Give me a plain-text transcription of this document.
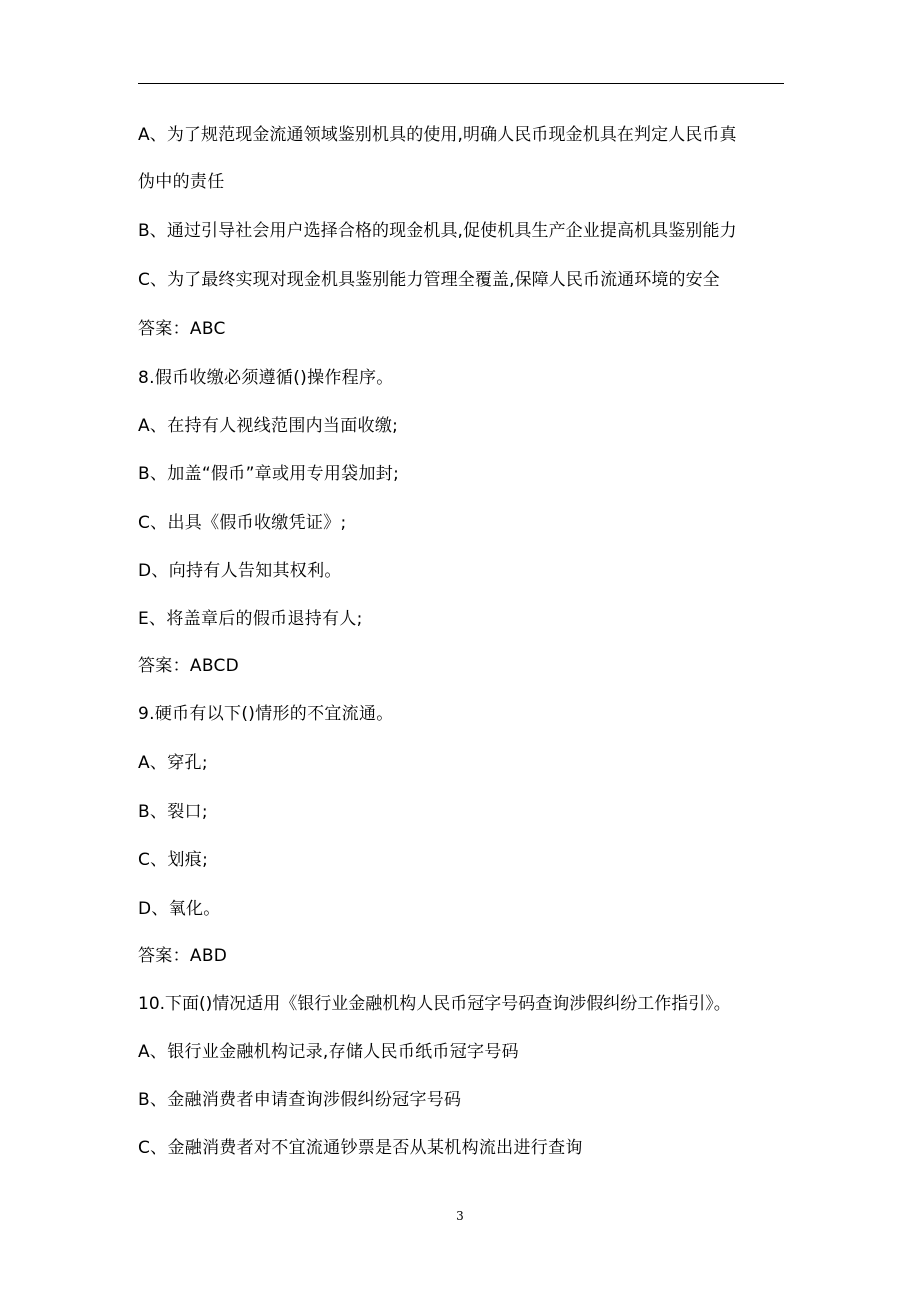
A、为了规范现金流通领域鉴别机具的使用,明确人民币现金机具在判定人民币真
伪中的责任
B、通过引导社会用户选择合格的现金机具,促使机具生产企业提高机具鉴别能力
C、为了最终实现对现金机具鉴别能力管理全覆盖,保障人民币流通环境的安全
答案：ABC
8.假币收缴必须遵循()操作程序。
A、在持有人视线范围内当面收缴;
B、加盖“假币”章或用专用袋加封;
C、出具《假币收缴凭证》;
D、向持有人告知其权利。
E、将盖章后的假币退持有人;
答案：ABCD
9.硬币有以下()情形的不宜流通。
A、穿孔;
B、裂口;
C、划痕;
D、氧化。
答案：ABD
10.下面()情况适用《银行业金融机构人民币冠字号码查询涉假纠纷工作指引》。
A、银行业金融机构记录,存储人民币纸币冠字号码
B、金融消费者申请查询涉假纠纷冠字号码
C、金融消费者对不宜流通钞票是否从某机构流出进行查询
3
